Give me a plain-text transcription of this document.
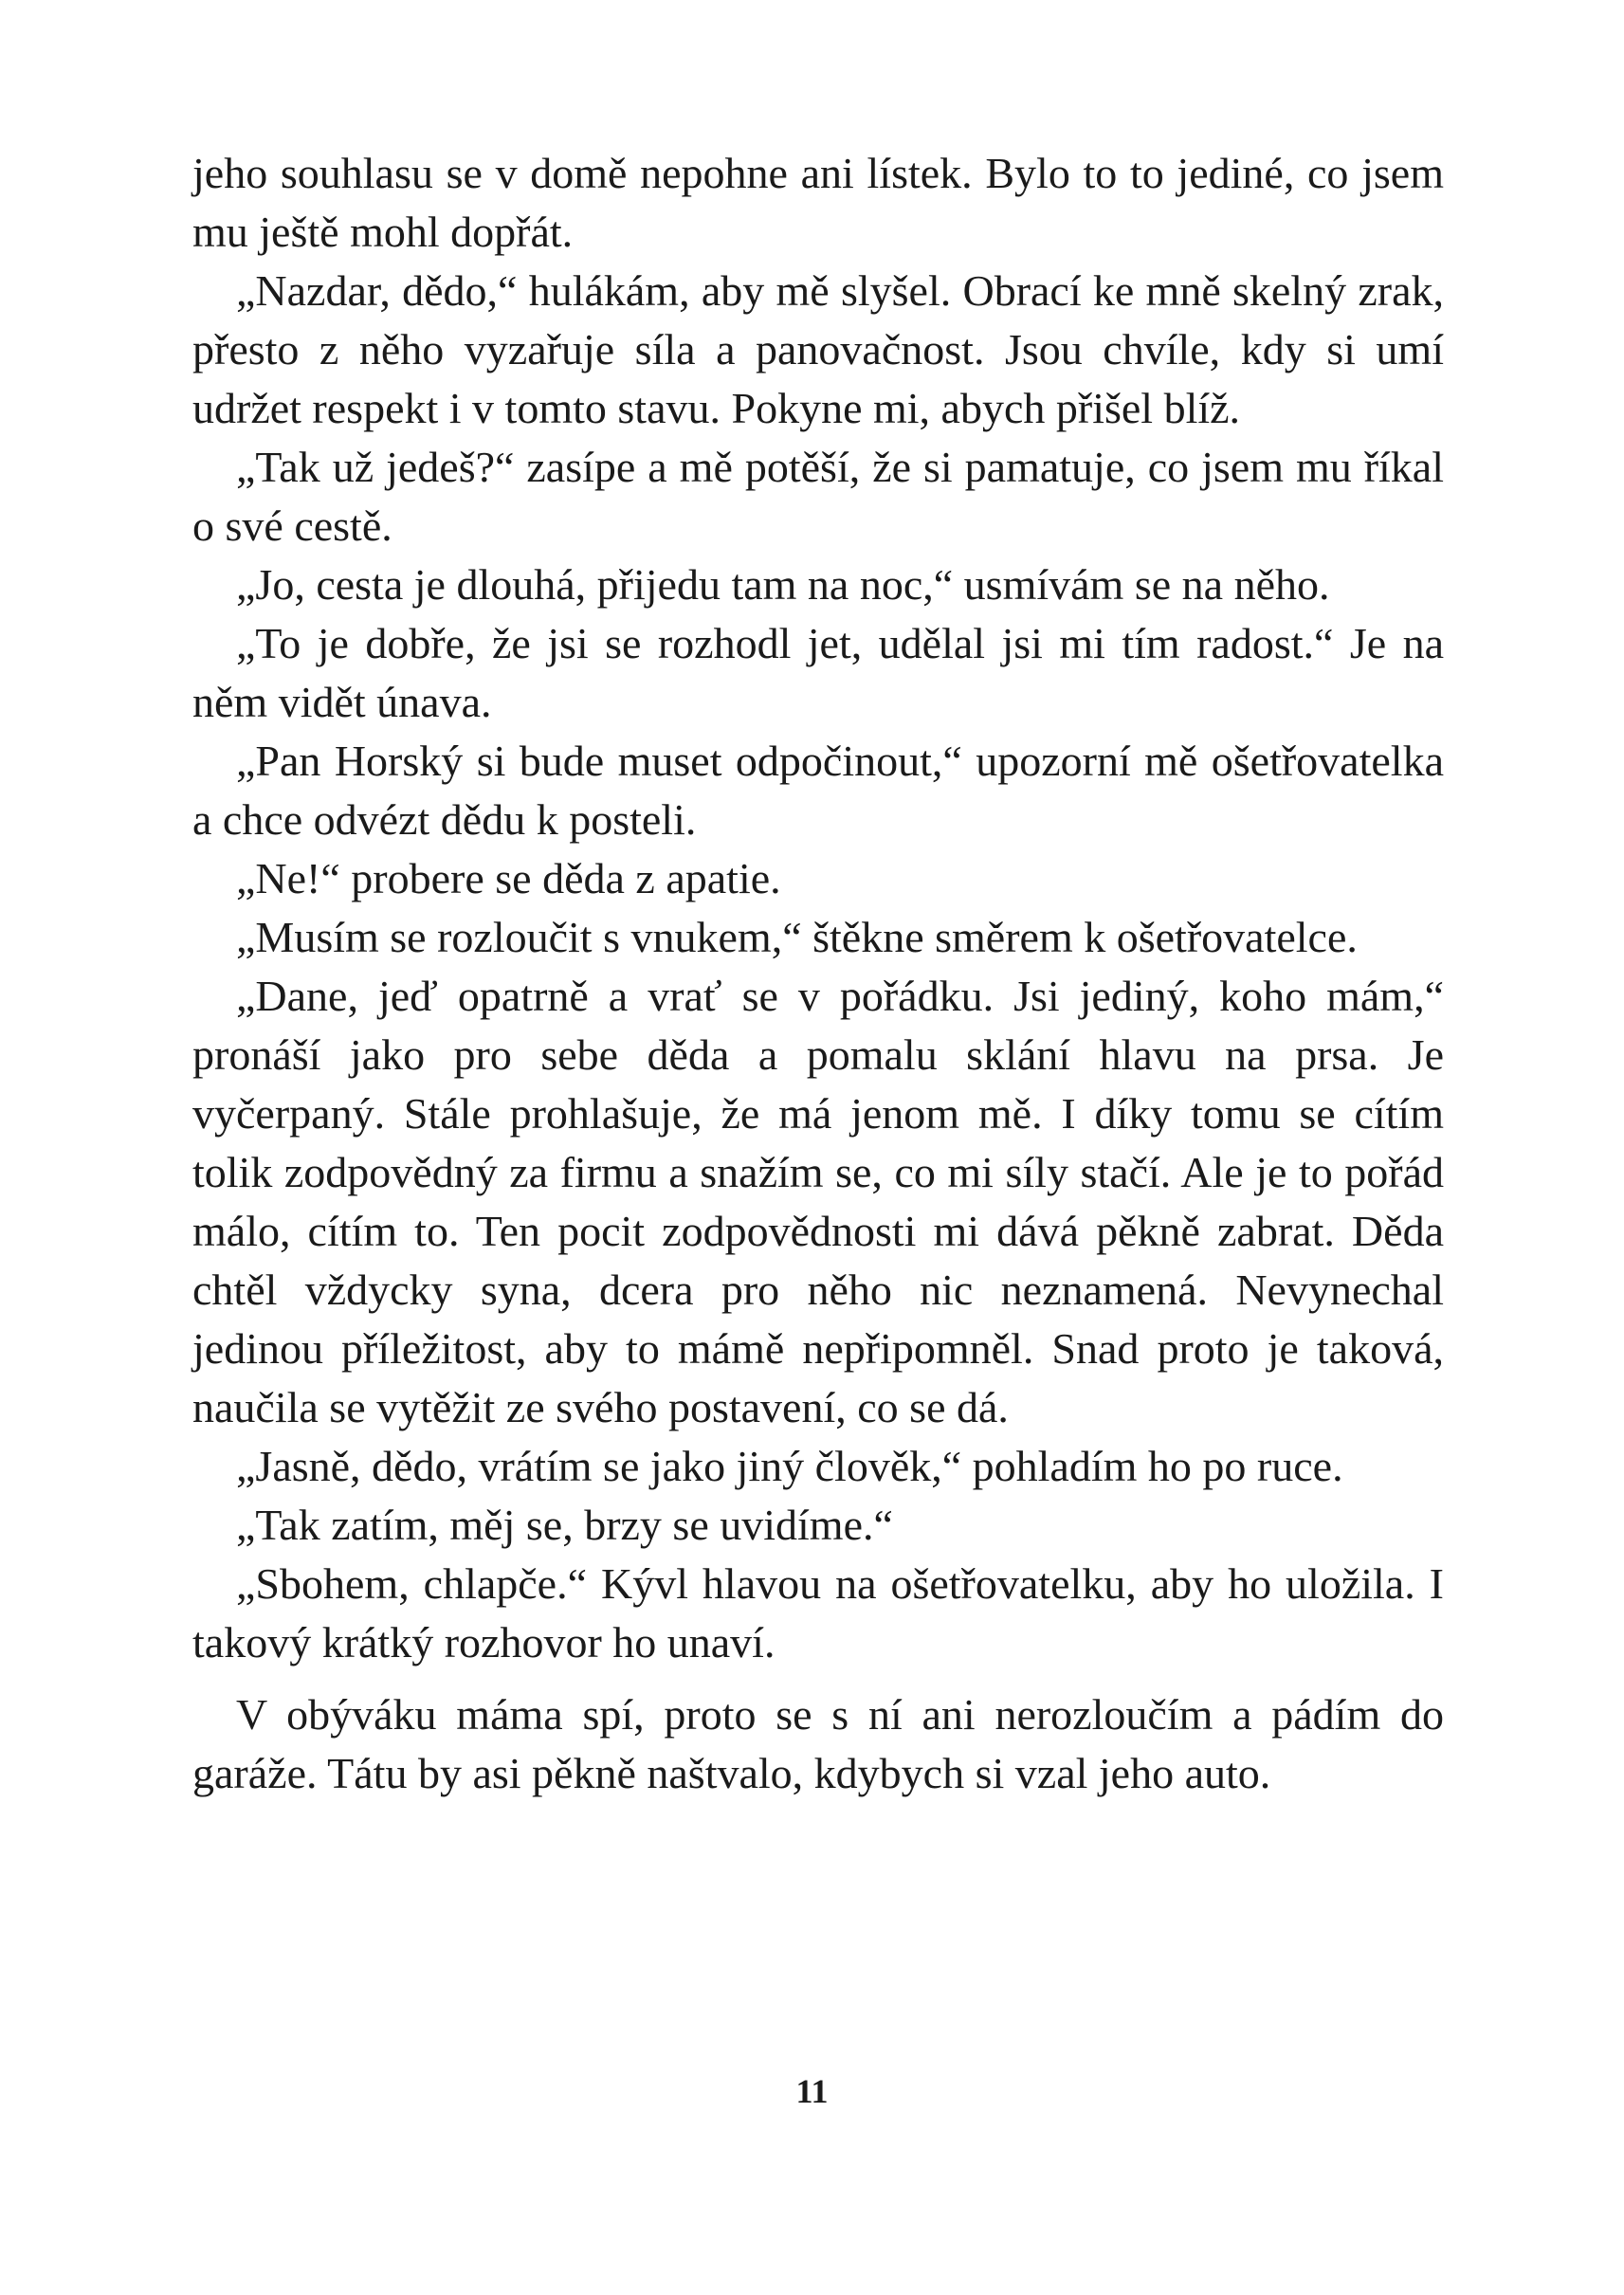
jeho souhlasu se v domě nepohne ani lístek. Bylo to to jediné, co jsem mu ještě mohl dopřát.

„Nazdar, dědo,“ hulákám, aby mě slyšel. Obrací ke mně skelný zrak, přesto z něho vyzařuje síla a panovačnost. Jsou chvíle, kdy si umí udržet respekt i v tomto stavu. Pokyne mi, abych přišel blíž.

„Tak už jedeš?“ zasípe a mě potěší, že si pamatuje, co jsem mu říkal o své cestě.

„Jo, cesta je dlouhá, přijedu tam na noc,“ usmívám se na něho.

„To je dobře, že jsi se rozhodl jet, udělal jsi mi tím radost.“ Je na něm vidět únava.

„Pan Horský si bude muset odpočinout,“ upozorní mě ošetřovatelka a chce odvézt dědu k posteli.

„Ne!“ probere se děda z apatie.

„Musím se rozloučit s vnukem,“ štěkne směrem k ošetřovatelce.

„Dane, jeď opatrně a vrať se v pořádku. Jsi jediný, koho mám,“ pronáší jako pro sebe děda a pomalu sklání hlavu na prsa. Je vyčerpaný. Stále prohlašuje, že má jenom mě. I díky tomu se cítím tolik zodpovědný za firmu a snažím se, co mi síly stačí. Ale je to pořád málo, cítím to. Ten pocit zodpovědnosti mi dává pěkně zabrat. Děda chtěl vždycky syna, dcera pro něho nic neznamená. Nevynechal jedinou příležitost, aby to mámě nepřipomněl. Snad proto je taková, naučila se vytěžit ze svého postavení, co se dá.

„Jasně, dědo, vrátím se jako jiný člověk,“ pohladím ho po ruce.

„Tak zatím, měj se, brzy se uvidíme.“

„Sbohem, chlapče.“ Kývl hlavou na ošetřovatelku, aby ho uložila. I takový krátký rozhovor ho unaví.

V obýváku máma spí, proto se s ní ani nerozloučím a pádím do garáže. Tátu by asi pěkně naštvalo, kdybych si vzal jeho auto.

11
